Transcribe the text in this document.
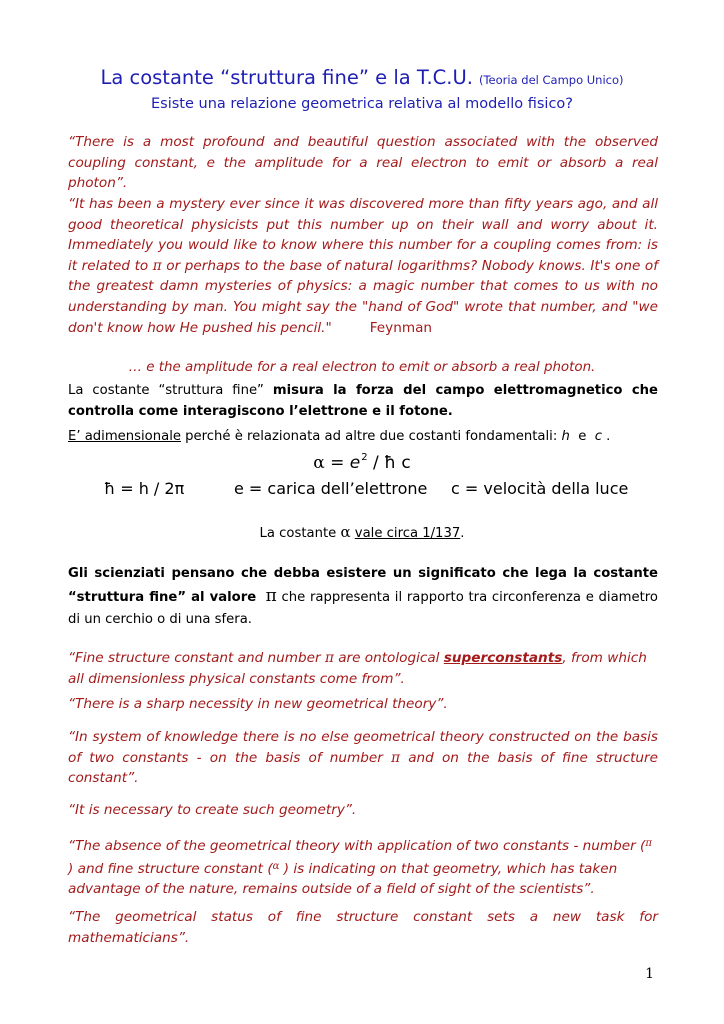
La costante “struttura fine” e la T.C.U. (Teoria del Campo Unico)
Esiste una relazione geometrica relativa al modello fisico?
“There is a most profound and beautiful question associated with the observed coupling constant, e the amplitude for a real electron to emit or absorb a real photon”.
“It has been a mystery ever since it was discovered more than fifty years ago, and all good theoretical physicists put this number up on their wall and worry about it. Immediately you would like to know where this number for a coupling comes from: is it related to π or perhaps to the base of natural logarithms? Nobody knows. It's one of the greatest damn mysteries of physics: a magic number that comes to us with no understanding by man. You might say the "hand of God" wrote that number, and "we don't know how He pushed his pencil."	Feynman
… e the amplitude for a real electron to emit or absorb a real photon.
La costante “struttura fine” misura la forza del campo elettromagnetico che controlla come interagiscono l’elettrone e il fotone.
E’ adimensionale perché è relazionata ad altre due costanti fondamentali: h e c .
$\alpha = e^2$ / ħ c
ħ = h / 2π	e = carica dell’elettrone c = velocità della luce
La costante α vale circa 1/137.
Gli scienziati pensano che debba esistere un significato che lega la costante “struttura fine” al valore π che rappresenta il rapporto tra circonferenza e diametro di un cerchio o di una sfera.
“Fine structure constant and number π are ontological superconstants, from which all dimensionless physical constants come from”.
“There is a sharp necessity in new geometrical theory”.
“In system of knowledge there is no else geometrical theory constructed on the basis of two constants - on the basis of number π and on the basis of fine structure constant”.
“It is necessary to create such geometry”.
“The absence of the geometrical theory with application of two constants - number ($^\pi$ ) and fine structure constant ($^\alpha$ ) is indicating on that geometry, which has taken advantage of the nature, remains outside of a field of sight of the scientists”.
“The geometrical status of fine structure constant sets a new task for mathematicians”.
1
